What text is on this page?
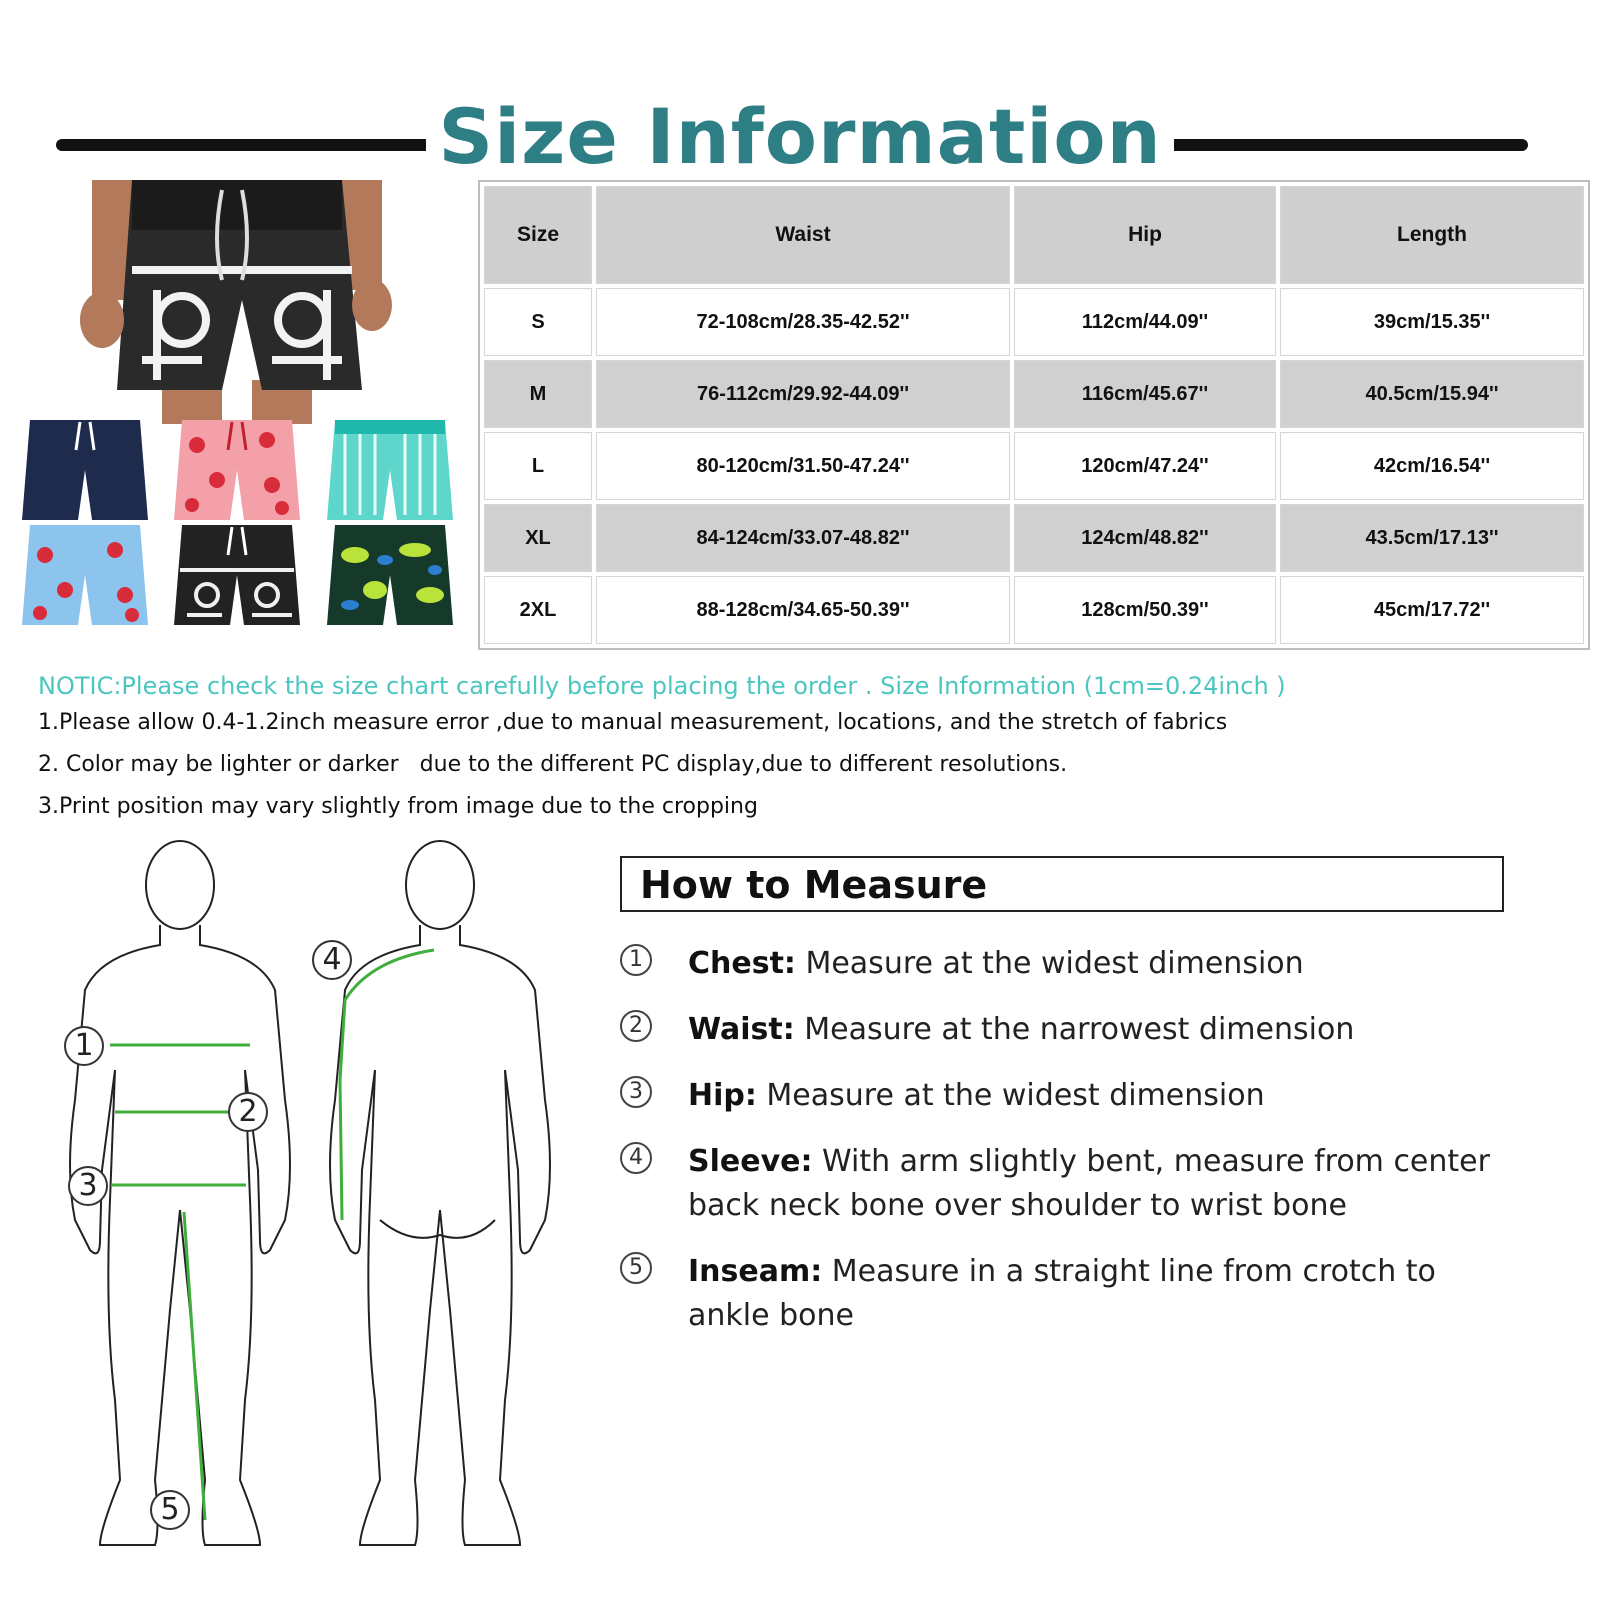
Size Information
Size	Waist	Hip	Length
S	72-108cm/28.35-42.52''	112cm/44.09''	39cm/15.35''
M	76-112cm/29.92-44.09''	116cm/45.67''	40.5cm/15.94''
L	80-120cm/31.50-47.24''	120cm/47.24''	42cm/16.54''
XL	84-124cm/33.07-48.82''	124cm/48.82''	43.5cm/17.13''
2XL	88-128cm/34.65-50.39''	128cm/50.39''	45cm/17.72''
NOTIC:Please check the size chart carefully before placing the order . Size Information (1cm=0.24inch )
1.Please allow 0.4-1.2inch measure error ,due to manual measurement, locations, and the stretch of fabrics
2. Color may be lighter or darker   due to the different PC display,due to different resolutions.
3.Print position may vary slightly from image due to the cropping
1
2
3
4
5
How to Measure
1	Chest: Measure at the widest dimension
2	Waist: Measure at the narrowest dimension
3	Hip: Measure at the widest dimension
4	Sleeve: With arm slightly bent, measure from center back neck bone over shoulder to wrist bone
5	Inseam: Measure in a straight line from crotch to ankle bone
